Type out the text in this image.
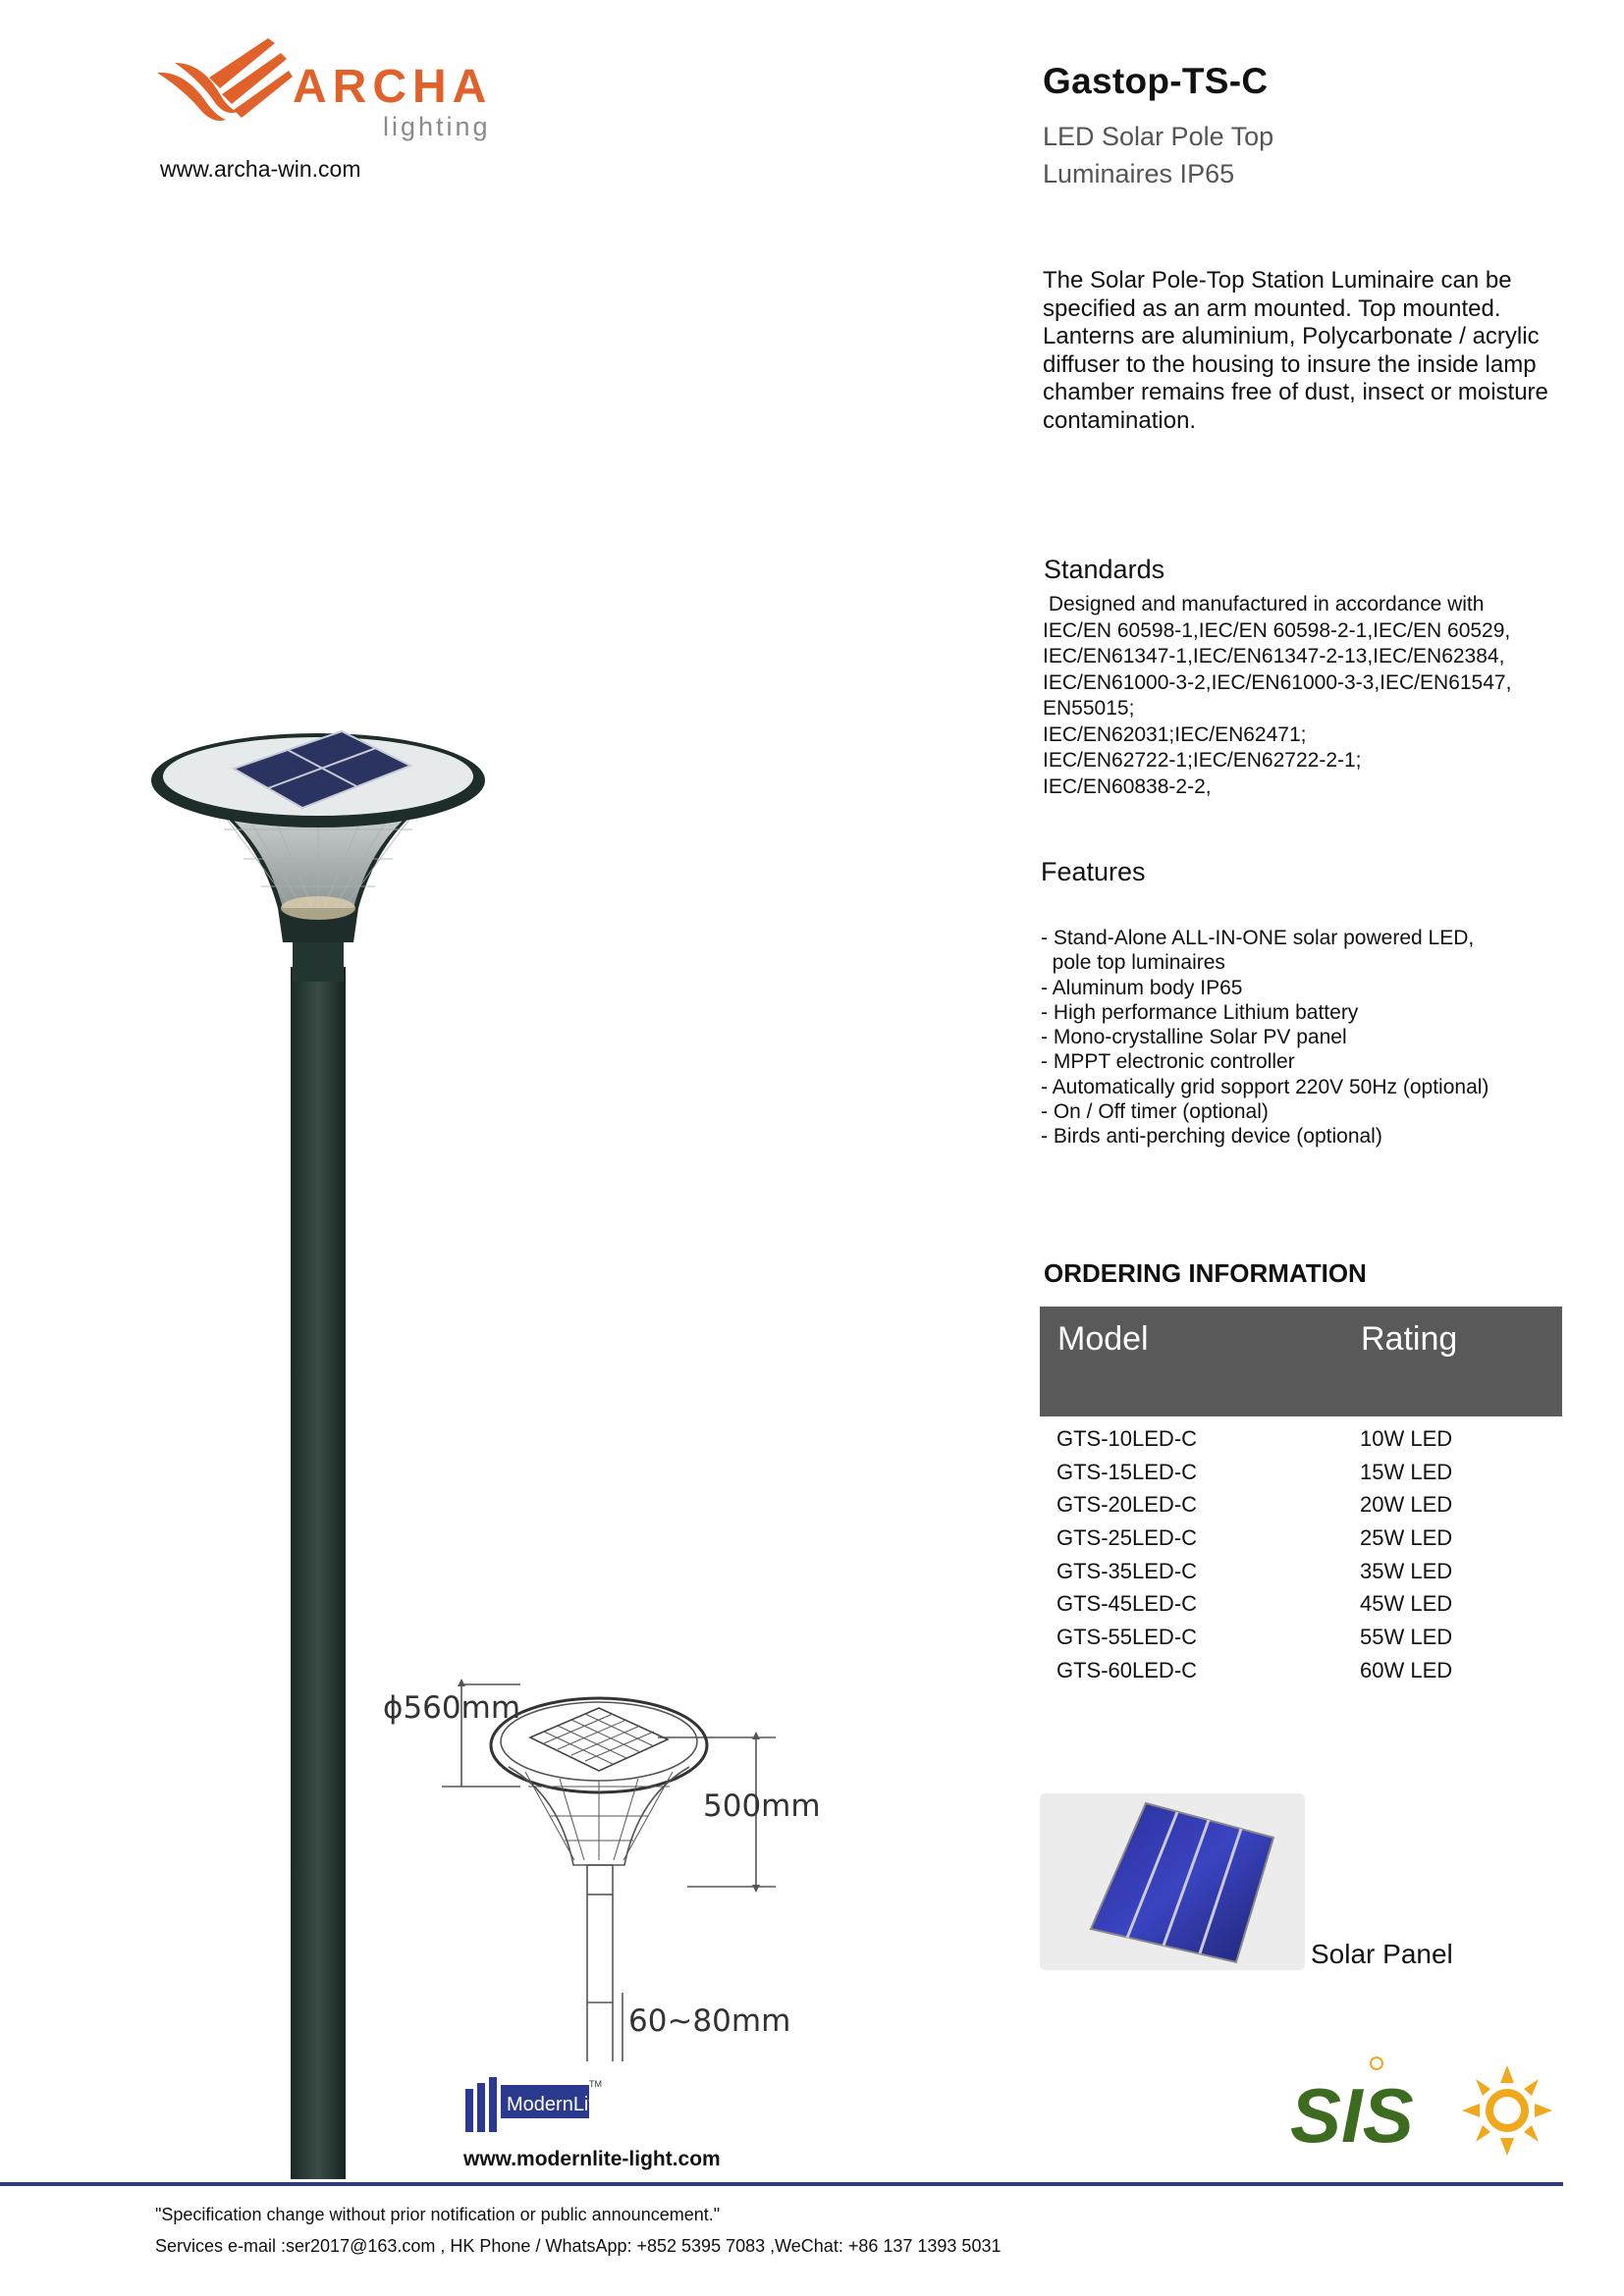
ARCHA
lighting
www.archa-win.com
Gastop-TS-C
LED Solar Pole Top
Luminaires IP65
The Solar Pole-Top Station Luminaire can be specified as an arm mounted. Top mounted. Lanterns are aluminium, Polycarbonate / acrylic diffuser to the housing to insure the inside lamp chamber remains free of dust, insect or moisture contamination.
Standards
Designed and manufactured in accordance with
IEC/EN 60598-1,IEC/EN 60598-2-1,IEC/EN 60529,
IEC/EN61347-1,IEC/EN61347-2-13,IEC/EN62384,
IEC/EN61000-3-2,IEC/EN61000-3-3,IEC/EN61547,
EN55015;
IEC/EN62031;IEC/EN62471;
IEC/EN62722-1;IEC/EN62722-2-1;
IEC/EN60838-2-2,
Features
- Stand-Alone ALL-IN-ONE solar powered LED,
pole top luminaires
- Aluminum body IP65
- High performance Lithium battery
- Mono-crystalline Solar PV panel
- MPPT electronic controller
- Automatically grid sopport 220V 50Hz (optional)
- On / Off timer (optional)
- Birds anti-perching device (optional)
ORDERING INFORMATION
Model	Rating
GTS-10LED-C	10W LED
GTS-15LED-C	15W LED
GTS-20LED-C	20W LED
GTS-25LED-C	25W LED
GTS-35LED-C	35W LED
GTS-45LED-C	45W LED
GTS-55LED-C	55W LED
GTS-60LED-C	60W LED
Solar Panel
ϕ560mm
500mm
60~80mm
ModernLite
TM
www.modernlite-light.com
SIS
"Specification change without prior notification or public announcement."
Services e-mail :ser2017@163.com , HK Phone / WhatsApp: +852 5395 7083 ,WeChat: +86 137 1393 5031
